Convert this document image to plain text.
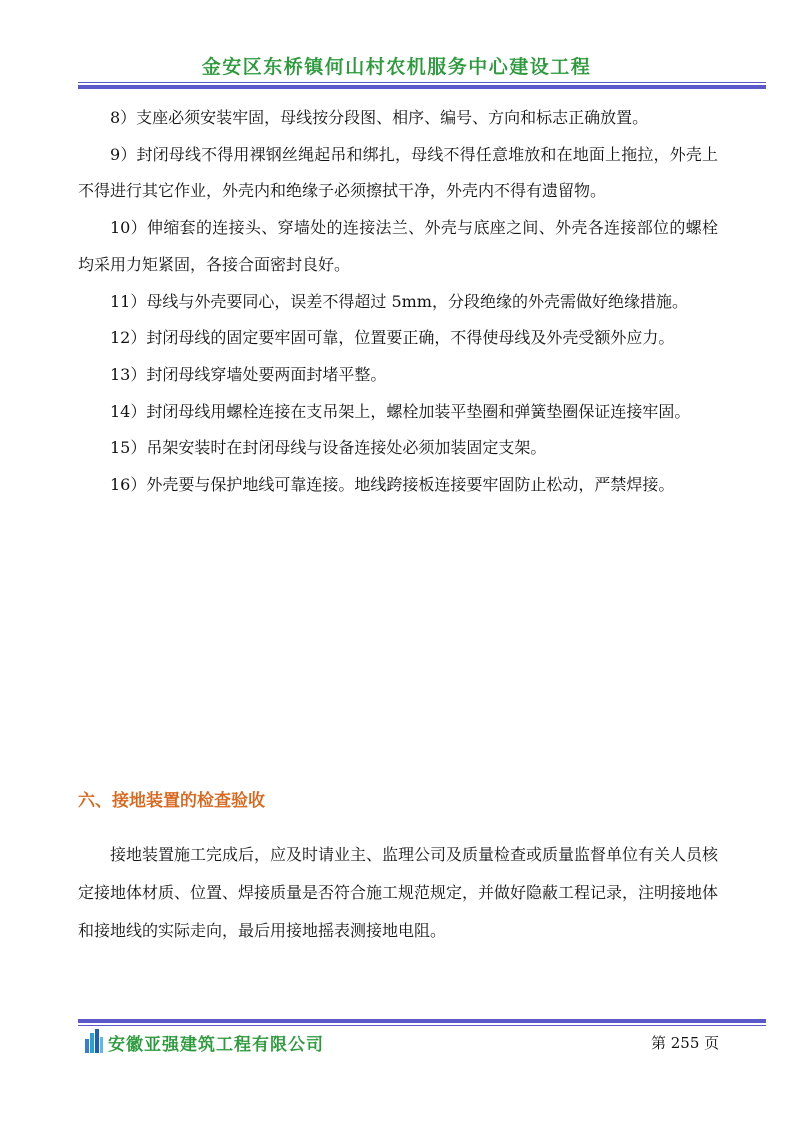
金安区东桥镇何山村农机服务中心建设工程

8）支座必须安装牢固，母线按分段图、相序、编号、方向和标志正确放置。

9）封闭母线不得用裸钢丝绳起吊和绑扎，母线不得任意堆放和在地面上拖拉，外壳上不得进行其它作业，外壳内和绝缘子必须擦拭干净，外壳内不得有遗留物。

10）伸缩套的连接头、穿墙处的连接法兰、外壳与底座之间、外壳各连接部位的螺栓均采用力矩紧固，各接合面密封良好。

11）母线与外壳要同心，误差不得超过 5mm，分段绝缘的外壳需做好绝缘措施。

12）封闭母线的固定要牢固可靠，位置要正确，不得使母线及外壳受额外应力。

13）封闭母线穿墙处要两面封堵平整。

14）封闭母线用螺栓连接在支吊架上，螺栓加装平垫圈和弹簧垫圈保证连接牢固。

15）吊架安装时在封闭母线与设备连接处必须加装固定支架。

16）外壳要与保护地线可靠连接。地线跨接板连接要牢固防止松动，严禁焊接。

六、接地装置的检查验收

接地装置施工完成后，应及时请业主、监理公司及质量检查或质量监督单位有关人员核定接地体材质、位置、焊接质量是否符合施工规范规定，并做好隐蔽工程记录，注明接地体和接地线的实际走向，最后用接地摇表测接地电阻。

安徽亚强建筑工程有限公司	第 255 页
